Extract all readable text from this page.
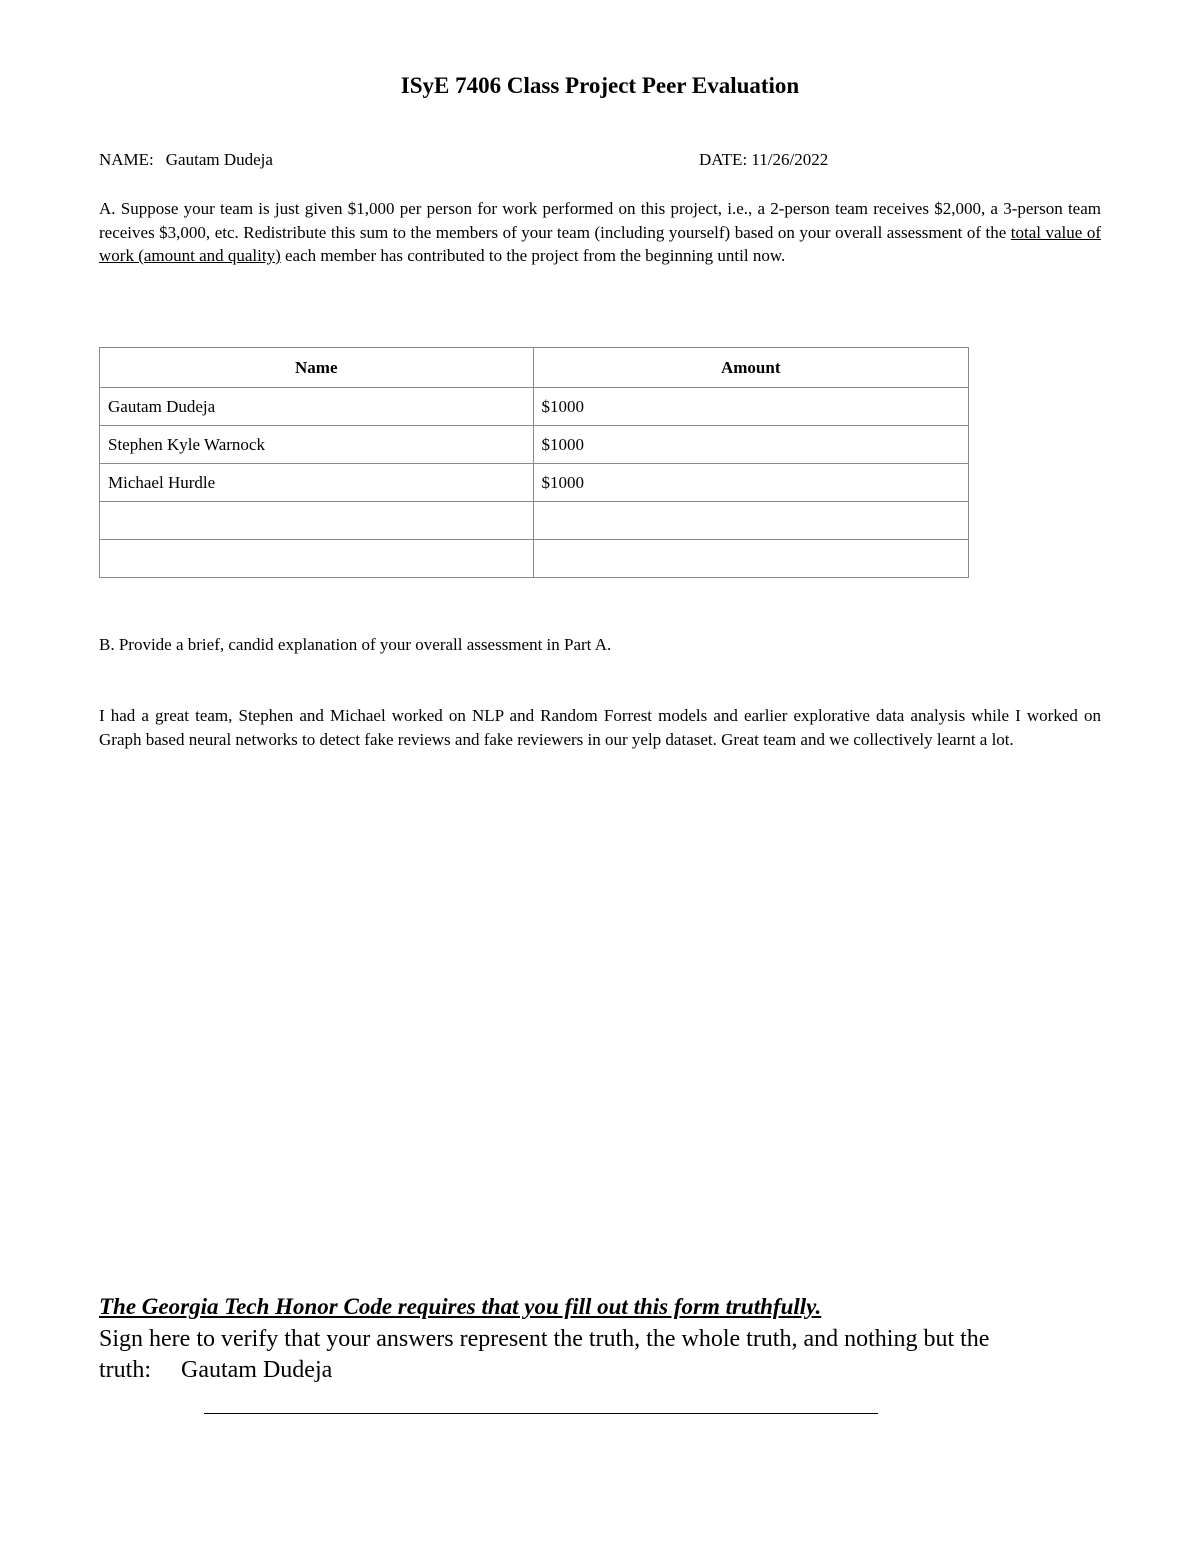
ISyE 7406 Class Project Peer Evaluation
NAME: Gautam Dudeja	DATE: 11/26/2022

A. Suppose your team is just given $1,000 per person for work performed on this project, i.e., a 2-person team receives $2,000, a 3-person team receives $3,000, etc. Redistribute this sum to the members of your team (including yourself) based on your overall assessment of the total value of work (amount and quality) each member has contributed to the project from the beginning until now.

Name	Amount
Gautam Dudeja	$1000
Stephen Kyle Warnock	$1000
Michael Hurdle	$1000

B. Provide a brief, candid explanation of your overall assessment in Part A.

I had a great team, Stephen and Michael worked on NLP and Random Forrest models and earlier explorative data analysis while I worked on Graph based neural networks to detect fake reviews and fake reviewers in our yelp dataset. Great team and we collectively learnt a lot.

The Georgia Tech Honor Code requires that you fill out this form truthfully.

Sign here to verify that your answers represent the truth, the whole truth, and nothing but the truth: Gautam Dudeja
